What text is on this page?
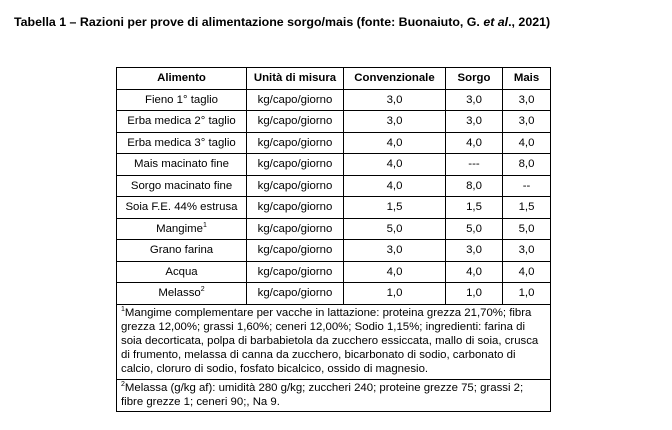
Tabella 1 – Razioni per prove di alimentazione sorgo/mais (fonte: Buonaiuto, G. et al., 2021)
Alimento	Unità di misura	Convenzionale	Sorgo	Mais
Fieno 1° taglio	kg/capo/giorno	3,0	3,0	3,0
Erba medica 2° taglio	kg/capo/giorno	3,0	3,0	3,0
Erba medica 3° taglio	kg/capo/giorno	4,0	4,0	4,0
Mais macinato fine	kg/capo/giorno	4,0	---	8,0
Sorgo macinato fine	kg/capo/giorno	4,0	8,0	--
Soia F.E. 44% estrusa	kg/capo/giorno	1,5	1,5	1,5
Mangime$^1$	kg/capo/giorno	5,0	5,0	5,0
Grano farina	kg/capo/giorno	3,0	3,0	3,0
Acqua	kg/capo/giorno	4,0	4,0	4,0
Melasso$^2$	kg/capo/giorno	1,0	1,0	1,0
$^1$Mangime complementare per vacche in lattazione: proteina grezza 21,70%; fibra grezza 12,00%; grassi 1,60%; ceneri 12,00%; Sodio 1,15%; ingredienti: farina di soia decorticata, polpa di barbabietola da zucchero essiccata, mallo di soia, crusca di frumento, melassa di canna da zucchero, bicarbonato di sodio, carbonato di calcio, cloruro di sodio, fosfato bicalcico, ossido di magnesio.				
$^2$Melassa (g/kg af): umidità 280 g/kg; zuccheri 240; proteine grezze 75; grassi 2; fibre grezze 1; ceneri 90;, Na 9.				
